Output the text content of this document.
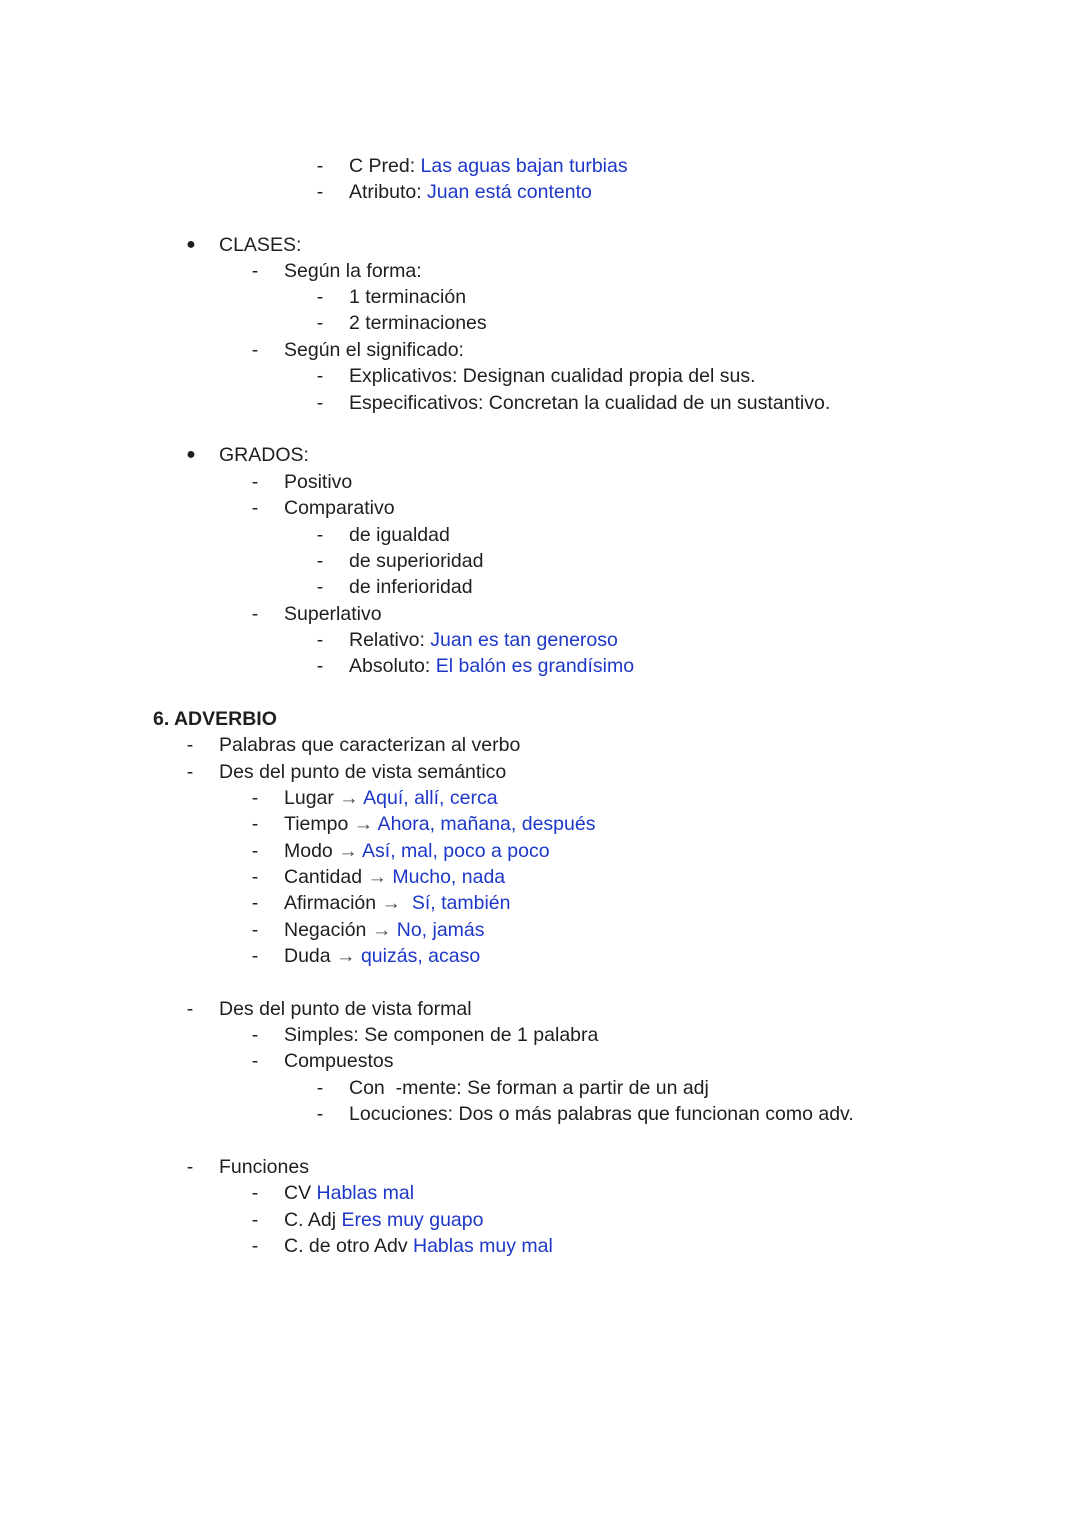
-	C Pred: Las aguas bajan turbias
-	Atributo: Juan está contento
● CLASES:
-	Según la forma:
-	1 terminación
-	2 terminaciones
-	Según el significado:
-	Explicativos: Designan cualidad propia del sus.
-	Especificativos: Concretan la cualidad de un sustantivo.
● GRADOS:
-	Positivo
-	Comparativo
-	de igualdad
-	de superioridad
-	de inferioridad
-	Superlativo
-	Relativo: Juan es tan generoso
-	Absoluto: El balón es grandísimo
6. ADVERBIO
-	Palabras que caracterizan al verbo
-	Des del punto de vista semántico
-	Lugar → Aquí, allí, cerca
-	Tiempo → Ahora, mañana, después
-	Modo → Así, mal, poco a poco
-	Cantidad → Mucho, nada
-	Afirmación →  Sí, también
-	Negación → No, jamás
-	Duda → quizás, acaso
-	Des del punto de vista formal
-	Simples: Se componen de 1 palabra
-	Compuestos
-	Con  -mente: Se forman a partir de un adj
-	Locuciones: Dos o más palabras que funcionan como adv.
-	Funciones
-	CV Hablas mal
-	C. Adj Eres muy guapo
-	C. de otro Adv Hablas muy mal
